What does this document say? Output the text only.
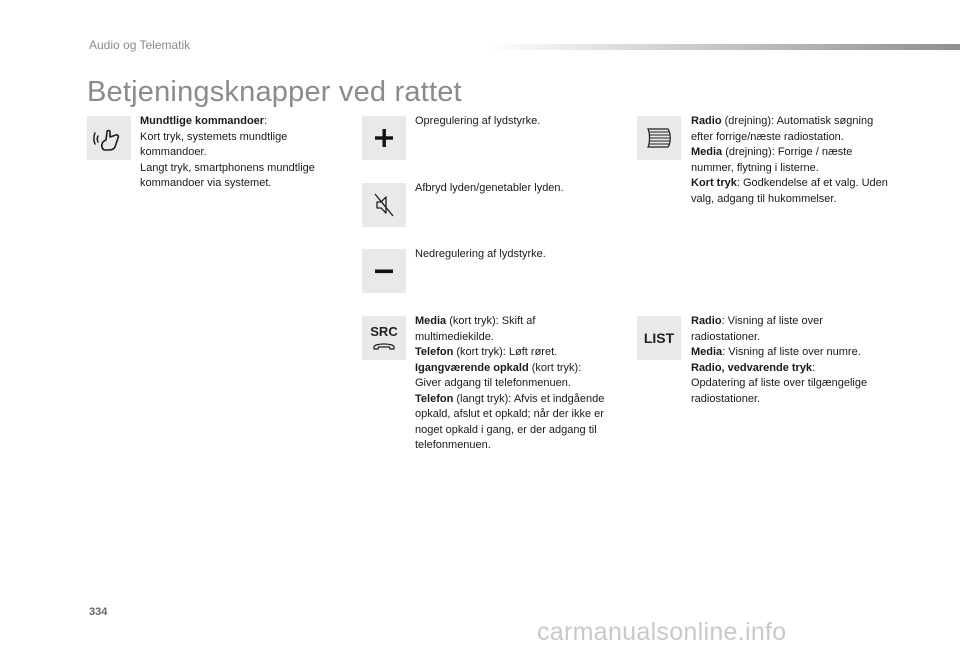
Audio og Telematik
Betjeningsknapper ved rattet

Mundtlige kommandoer:

Kort tryk, systemets mundtlige kommandoer.

Langt tryk, smartphonens mundtlige kommandoer via systemet.

Opregulering af lydstyrke.

Afbryd lyden/genetabler lyden.

Nedregulering af lydstyrke.

SRC

Media (kort tryk): Skift af multimediekilde.

Telefon (kort tryk): Løft røret.

Igangværende opkald (kort tryk): Giver adgang til telefonmenuen.

Telefon (langt tryk): Afvis et indgående opkald, afslut et opkald; når der ikke er noget opkald i gang, er der adgang til telefonmenuen.

Radio (drejning): Automatisk søgning efter forrige/næste radiostation.

Media (drejning): Forrige / næste nummer, flytning i listerne.

Kort tryk: Godkendelse af et valg. Uden valg, adgang til hukommelser.

LIST

Radio: Visning af liste over radiostationer.

Media: Visning af liste over numre.

Radio, vedvarende tryk:

Opdatering af liste over tilgængelige radiostationer.

334
carmanualsonline.info
